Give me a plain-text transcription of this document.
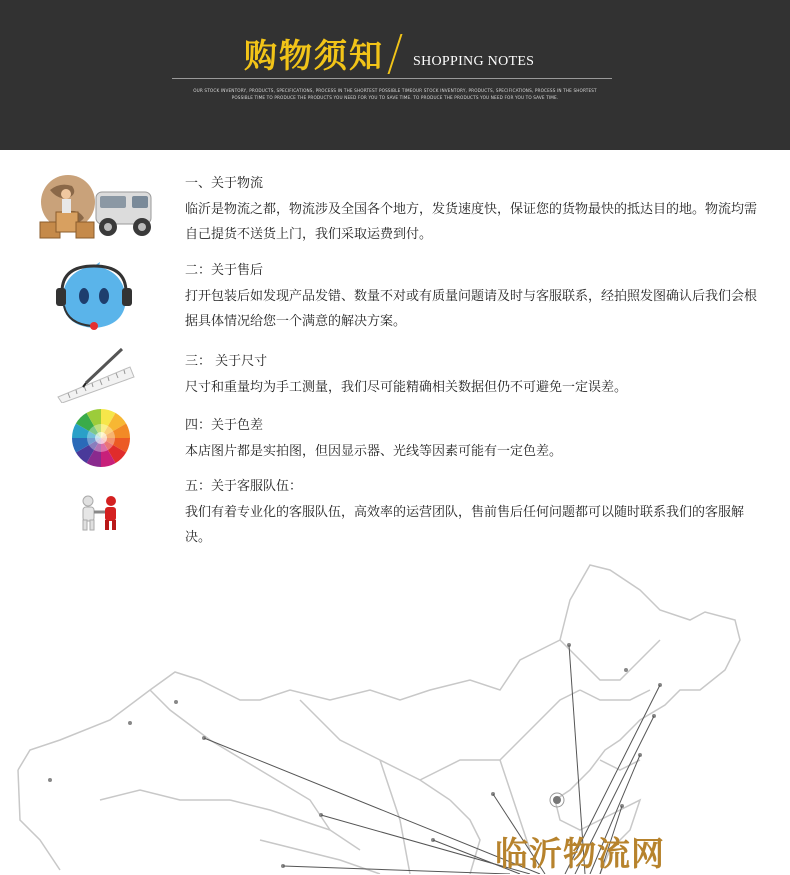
购物须知 SHOPPING NOTES
OUR STOCK INVENTORY, PRODUCTS, SPECIFICATIONS, PROCESS IN THE SHORTEST POSSIBLE TIMEOUR STOCK INVENTORY, PRODUCTS, SPECIFICATIONS, PROCESS IN THE SHORTEST
POSSIBLE TIME TO PRODUCE THE PRODUCTS YOU NEED FOR YOU TO SAVE TIME. TO PRODUCE THE PRODUCTS YOU NEED FOR YOU TO SAVE TIME.
一、关于物流
临沂是物流之都，物流涉及全国各个地方，发货速度快，保证您的货物最快的抵达目的地。物流均需自己提货不送货上门，我们采取运费到付。
二：关于售后
打开包装后如发现产品发错、数量不对或有质量问题请及时与客服联系，经拍照发图确认后我们会根据具体情况给您一个满意的解决方案。
三： 关于尺寸
尺寸和重量均为手工测量，我们尽可能精确相关数据但仍不可避免一定误差。
四：关于色差
本店图片都是实拍图，但因显示器、光线等因素可能有一定色差。
五：关于客服队伍：
我们有着专业化的客服队伍，高效率的运营团队，售前售后任何问题都可以随时联系我们的客服解决。
临沂物流网
